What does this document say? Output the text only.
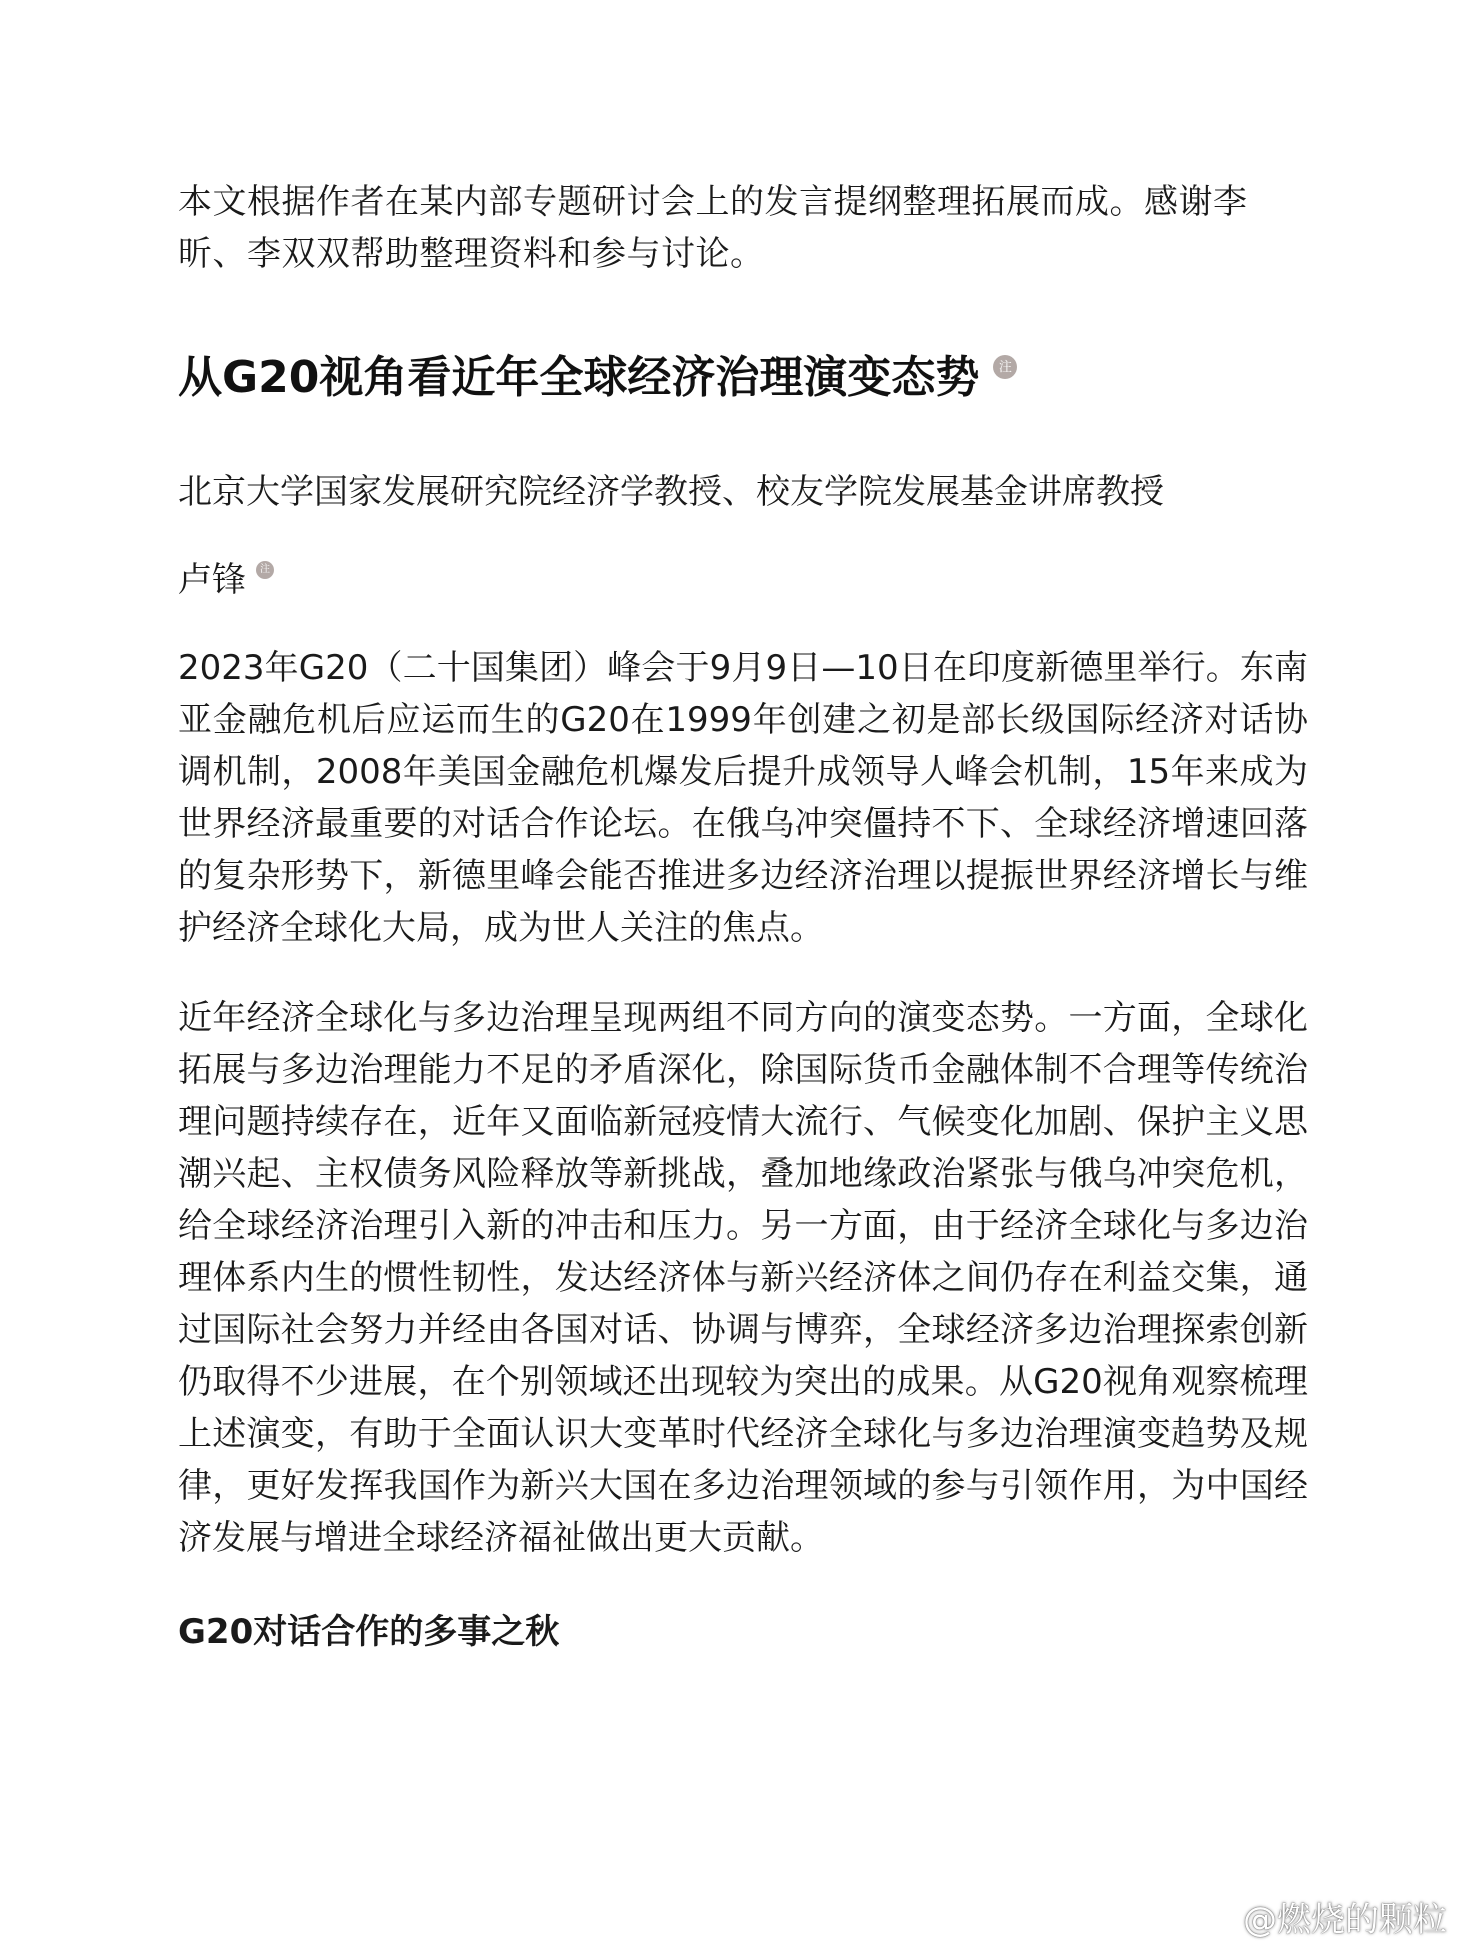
本文根据作者在某内部专题研讨会上的发言提纲整理拓展而成。感谢李昕、李双双帮助整理资料和参与讨论。

从G20视角看近年全球经济治理演变态势	注

北京大学国家发展研究院经济学教授、校友学院发展基金讲席教授

卢锋	注

2023年G20（二十国集团）峰会于9月9日—10日在印度新德里举行。东南亚金融危机后应运而生的G20在1999年创建之初是部长级国际经济对话协调机制，2008年美国金融危机爆发后提升成领导人峰会机制，15年来成为世界经济最重要的对话合作论坛。在俄乌冲突僵持不下、全球经济增速回落的复杂形势下，新德里峰会能否推进多边经济治理以提振世界经济增长与维护经济全球化大局，成为世人关注的焦点。

近年经济全球化与多边治理呈现两组不同方向的演变态势。一方面，全球化拓展与多边治理能力不足的矛盾深化，除国际货币金融体制不合理等传统治理问题持续存在，近年又面临新冠疫情大流行、气候变化加剧、保护主义思潮兴起、主权债务风险释放等新挑战，叠加地缘政治紧张与俄乌冲突危机，给全球经济治理引入新的冲击和压力。另一方面，由于经济全球化与多边治理体系内生的惯性韧性，发达经济体与新兴经济体之间仍存在利益交集，通过国际社会努力并经由各国对话、协调与博弈，全球经济多边治理探索创新仍取得不少进展，在个别领域还出现较为突出的成果。从G20视角观察梳理上述演变，有助于全面认识大变革时代经济全球化与多边治理演变趋势及规律，更好发挥我国作为新兴大国在多边治理领域的参与引领作用，为中国经济发展与增进全球经济福祉做出更大贡献。

G20对话合作的多事之秋
@燃烧的颗粒
